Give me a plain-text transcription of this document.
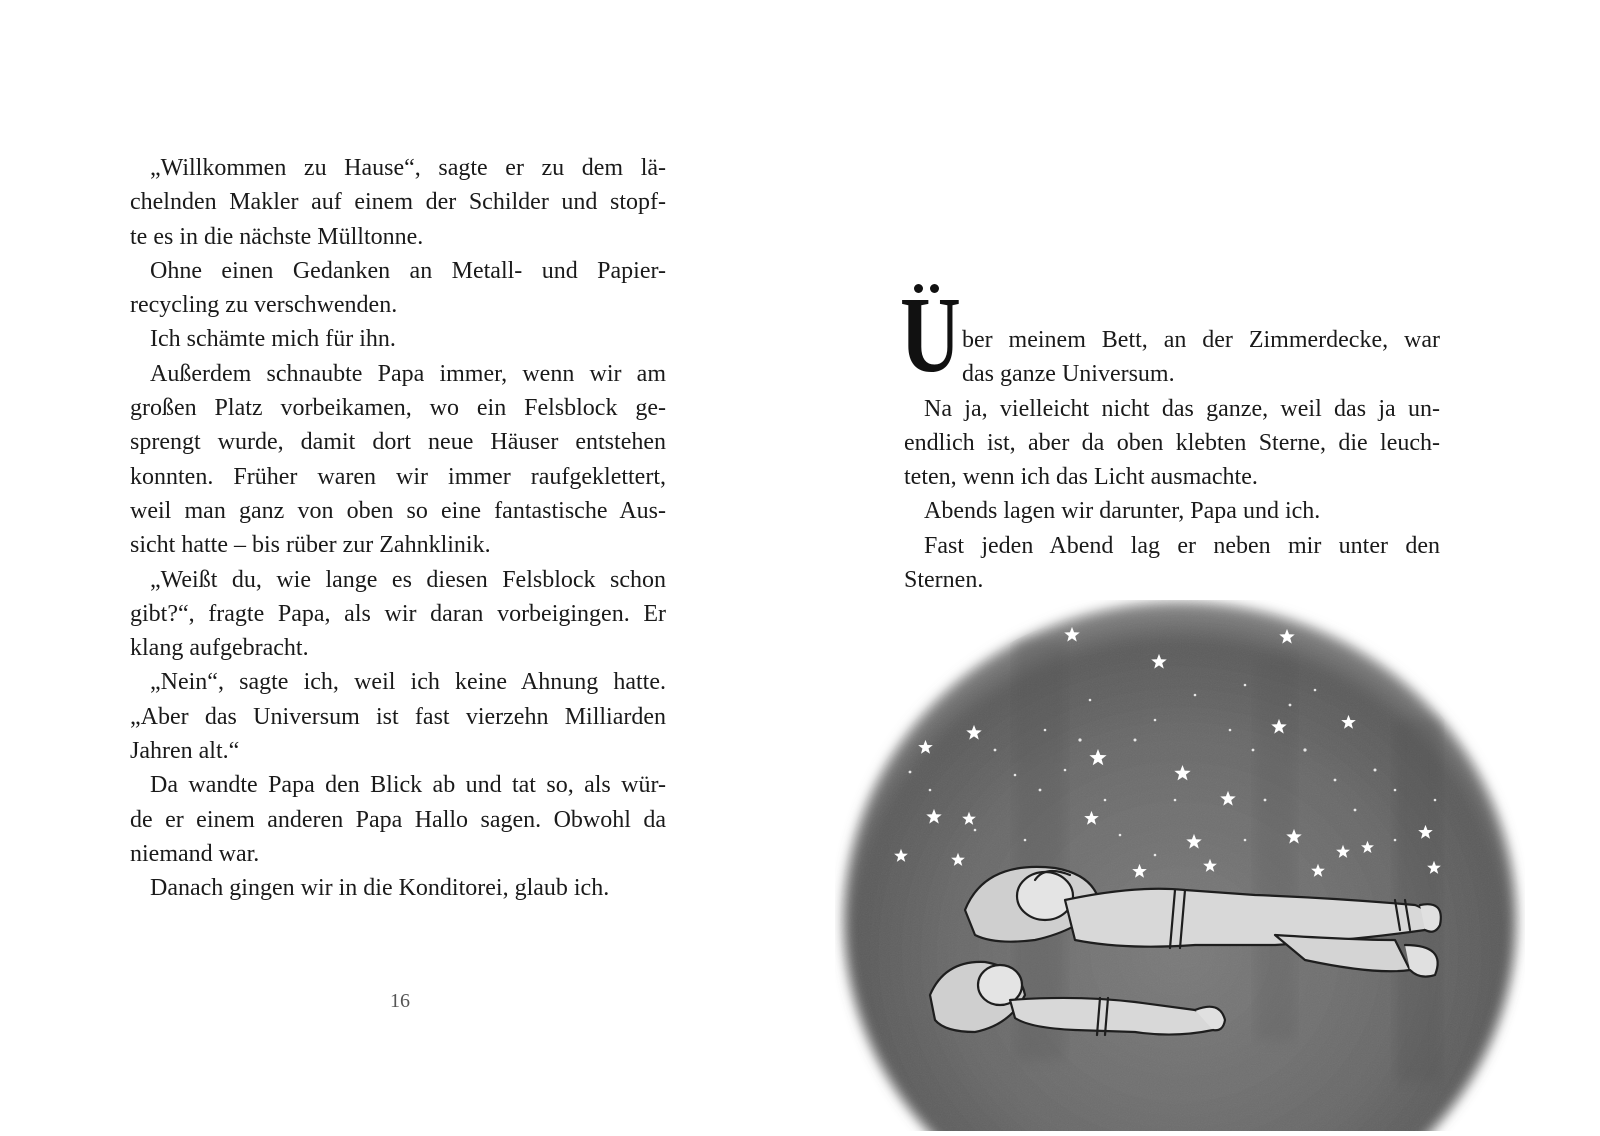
„Willkommen zu Hause“, sagte er zu dem lä-
chelnden Makler auf einem der Schilder und stopf-
te es in die nächste Mülltonne.
Ohne einen Gedanken an Metall- und Papier-
recycling zu verschwenden.
Ich schämte mich für ihn.
Außerdem schnaubte Papa immer, wenn wir am
großen Platz vorbeikamen, wo ein Felsblock ge-
sprengt wurde, damit dort neue Häuser entstehen
konnten. Früher waren wir immer raufgeklettert,
weil man ganz von oben so eine fantastische Aus-
sicht hatte – bis rüber zur Zahnklinik.
„Weißt du, wie lange es diesen Felsblock schon
gibt?“, fragte Papa, als wir daran vorbeigingen. Er
klang aufgebracht.
„Nein“, sagte ich, weil ich keine Ahnung hatte.
„Aber das Universum ist fast vierzehn Milliarden
Jahren alt.“
Da wandte Papa den Blick ab und tat so, als wür-
de er einem anderen Papa Hallo sagen. Obwohl da
niemand war.
Danach gingen wir in die Konditorei, glaub ich.
16
U ber meinem Bett, an der Zimmerdecke, war
das ganze Universum.
Na ja, vielleicht nicht das ganze, weil das ja un-
endlich ist, aber da oben klebten Sterne, die leuch-
teten, wenn ich das Licht ausmachte.
Abends lagen wir darunter, Papa und ich.
Fast jeden Abend lag er neben mir unter den
Sternen.
